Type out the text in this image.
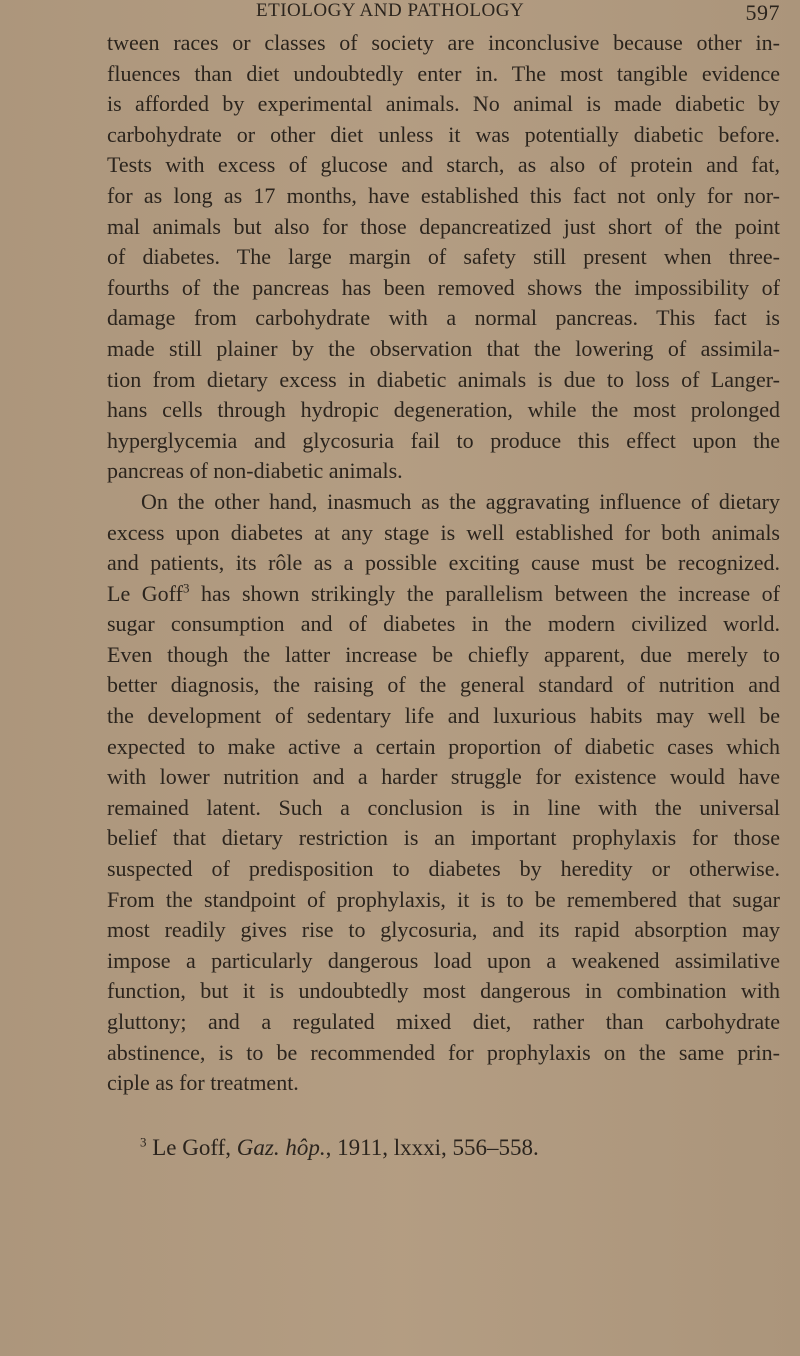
ETIOLOGY AND PATHOLOGY	597
tween races or classes of society are inconclusive because other in-
fluences than diet undoubtedly enter in. The most tangible evidence
is afforded by experimental animals. No animal is made diabetic by
carbohydrate or other diet unless it was potentially diabetic before.
Tests with excess of glucose and starch, as also of protein and fat,
for as long as 17 months, have established this fact not only for nor-
mal animals but also for those depancreatized just short of the point
of diabetes. The large margin of safety still present when three-
fourths of the pancreas has been removed shows the impossibility of
damage from carbohydrate with a normal pancreas. This fact is
made still plainer by the observation that the lowering of assimila-
tion from dietary excess in diabetic animals is due to loss of Langer-
hans cells through hydropic degeneration, while the most prolonged
hyperglycemia and glycosuria fail to produce this effect upon the
pancreas of non-diabetic animals.
On the other hand, inasmuch as the aggravating influence of dietary
excess upon diabetes at any stage is well established for both animals
and patients, its rôle as a possible exciting cause must be recognized.
Le Goff$^3$ has shown strikingly the parallelism between the increase of
sugar consumption and of diabetes in the modern civilized world.
Even though the latter increase be chiefly apparent, due merely to
better diagnosis, the raising of the general standard of nutrition and
the development of sedentary life and luxurious habits may well be
expected to make active a certain proportion of diabetic cases which
with lower nutrition and a harder struggle for existence would have
remained latent. Such a conclusion is in line with the universal
belief that dietary restriction is an important prophylaxis for those
suspected of predisposition to diabetes by heredity or otherwise.
From the standpoint of prophylaxis, it is to be remembered that sugar
most readily gives rise to glycosuria, and its rapid absorption may
impose a particularly dangerous load upon a weakened assimilative
function, but it is undoubtedly most dangerous in combination with
gluttony; and a regulated mixed diet, rather than carbohydrate
abstinence, is to be recommended for prophylaxis on the same prin-
ciple as for treatment.
$^3$ Le Goff, Gaz. hôp., 1911, lxxxi, 556–558.
